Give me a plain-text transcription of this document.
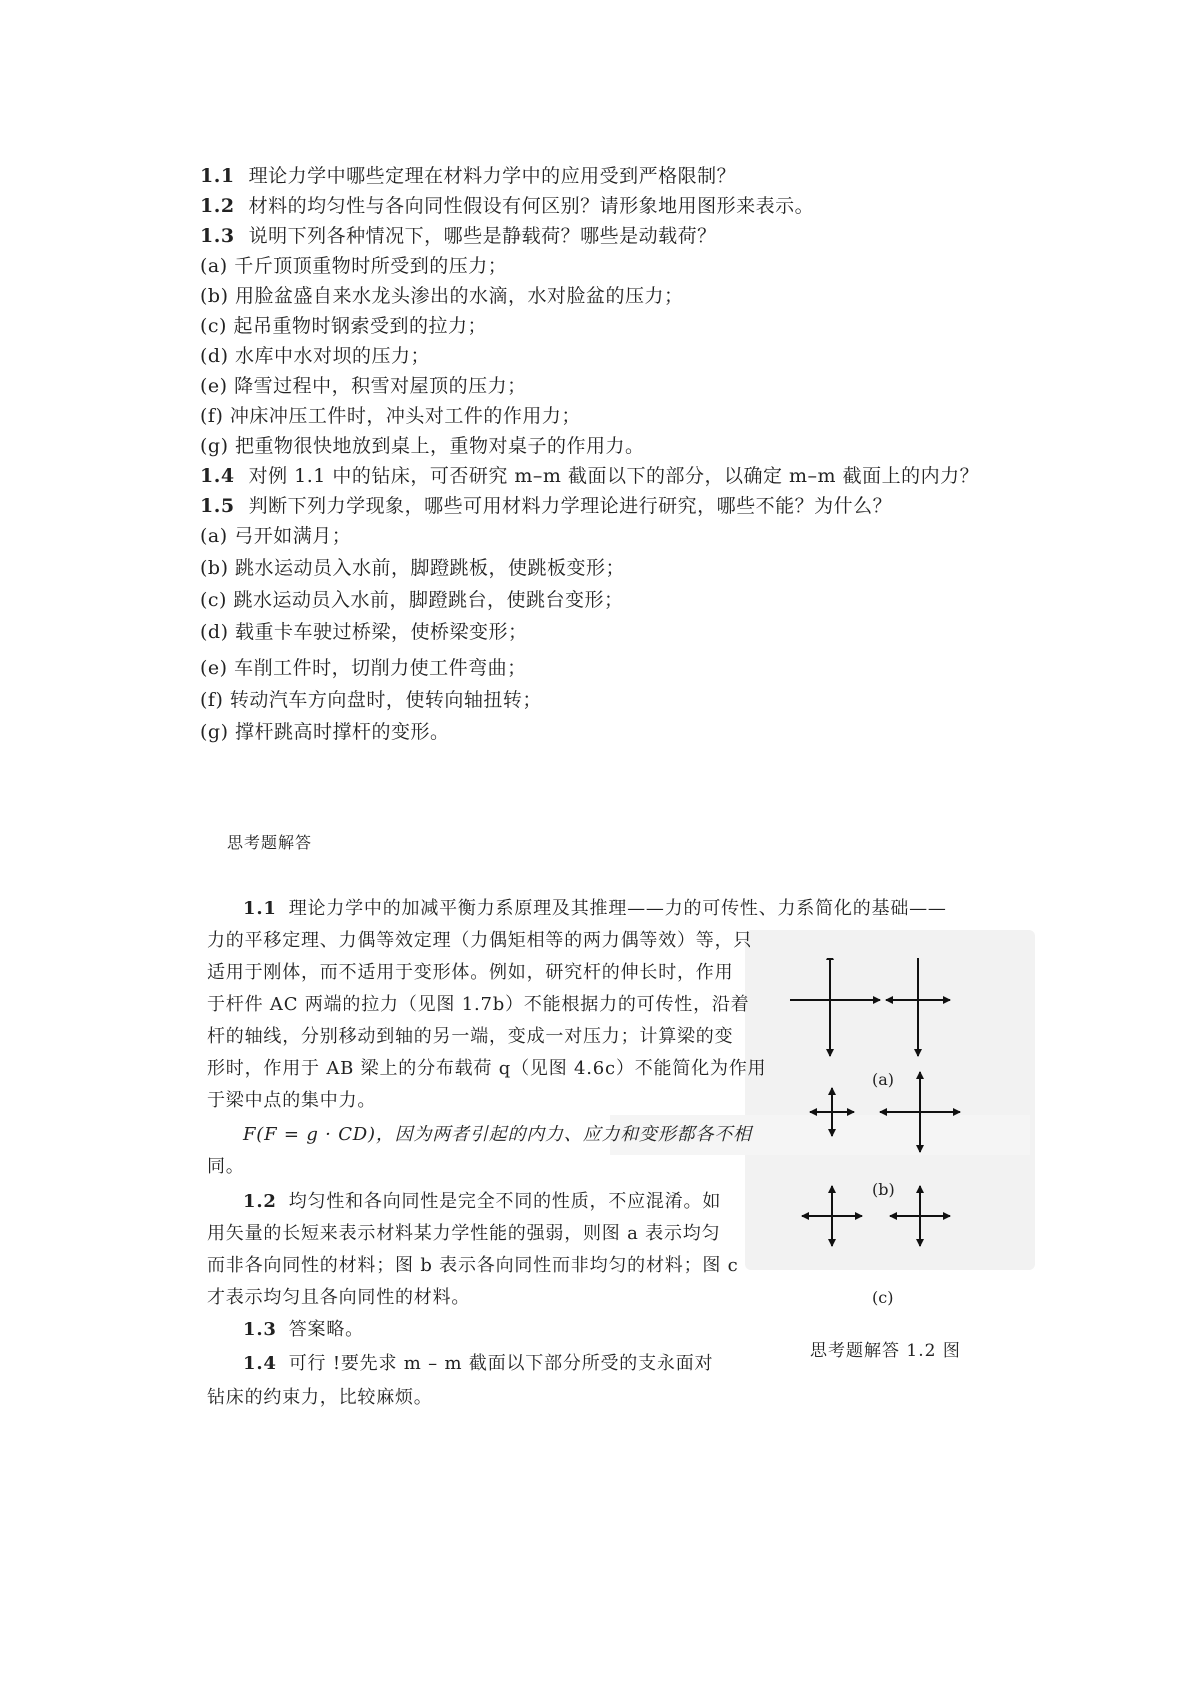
1.1 理论力学中哪些定理在材料力学中的应用受到严格限制？
1.2 材料的均匀性与各向同性假设有何区别？请形象地用图形来表示。
1.3 说明下列各种情况下，哪些是静载荷？哪些是动载荷？
(a) 千斤顶顶重物时所受到的压力；
(b) 用脸盆盛自来水龙头渗出的水滴，水对脸盆的压力；
(c) 起吊重物时钢索受到的拉力；
(d) 水库中水对坝的压力；
(e) 降雪过程中，积雪对屋顶的压力；
(f) 冲床冲压工件时，冲头对工件的作用力；
(g) 把重物很快地放到桌上，重物对桌子的作用力。
1.4 对例 1.1 中的钻床，可否研究 m–m 截面以下的部分，以确定 m–m 截面上的内力？
1.5 判断下列力学现象，哪些可用材料力学理论进行研究，哪些不能？为什么？
(a) 弓开如满月；
(b) 跳水运动员入水前，脚蹬跳板，使跳板变形；
(c) 跳水运动员入水前，脚蹬跳台，使跳台变形；
(d) 载重卡车驶过桥梁，使桥梁变形；
(e) 车削工件时，切削力使工件弯曲；
(f) 转动汽车方向盘时，使转向轴扭转；
(g) 撑杆跳高时撑杆的变形。
思考题解答
1.1 理论力学中的加减平衡力系原理及其推理——力的可传性、力系简化的基础——
力的平移定理、力偶等效定理（力偶矩相等的两力偶等效）等，只
适用于刚体，而不适用于变形体。例如，研究杆的伸长时，作用
于杆件 AC 两端的拉力（见图 1.7b）不能根据力的可传性，沿着
杆的轴线，分别移动到轴的另一端，变成一对压力；计算梁的变
形时，作用于 AB 梁上的分布载荷 q（见图 4.6c）不能简化为作用
于梁中点的集中力。
F(F = g · CD)，因为两者引起的内力、应力和变形都各不相
同。
1.2 均匀性和各向同性是完全不同的性质，不应混淆。如
用矢量的长短来表示材料某力学性能的强弱，则图 a 表示均匀
而非各向同性的材料；图 b 表示各向同性而非均匀的材料；图 c
才表示均匀且各向同性的材料。
1.3 答案略。
1.4 可行 !要先求 m – m 截面以下部分所受的支永面对
钻床的约束力，比较麻烦。
(a)
(b)
(c)
思考题解答 1.2 图
